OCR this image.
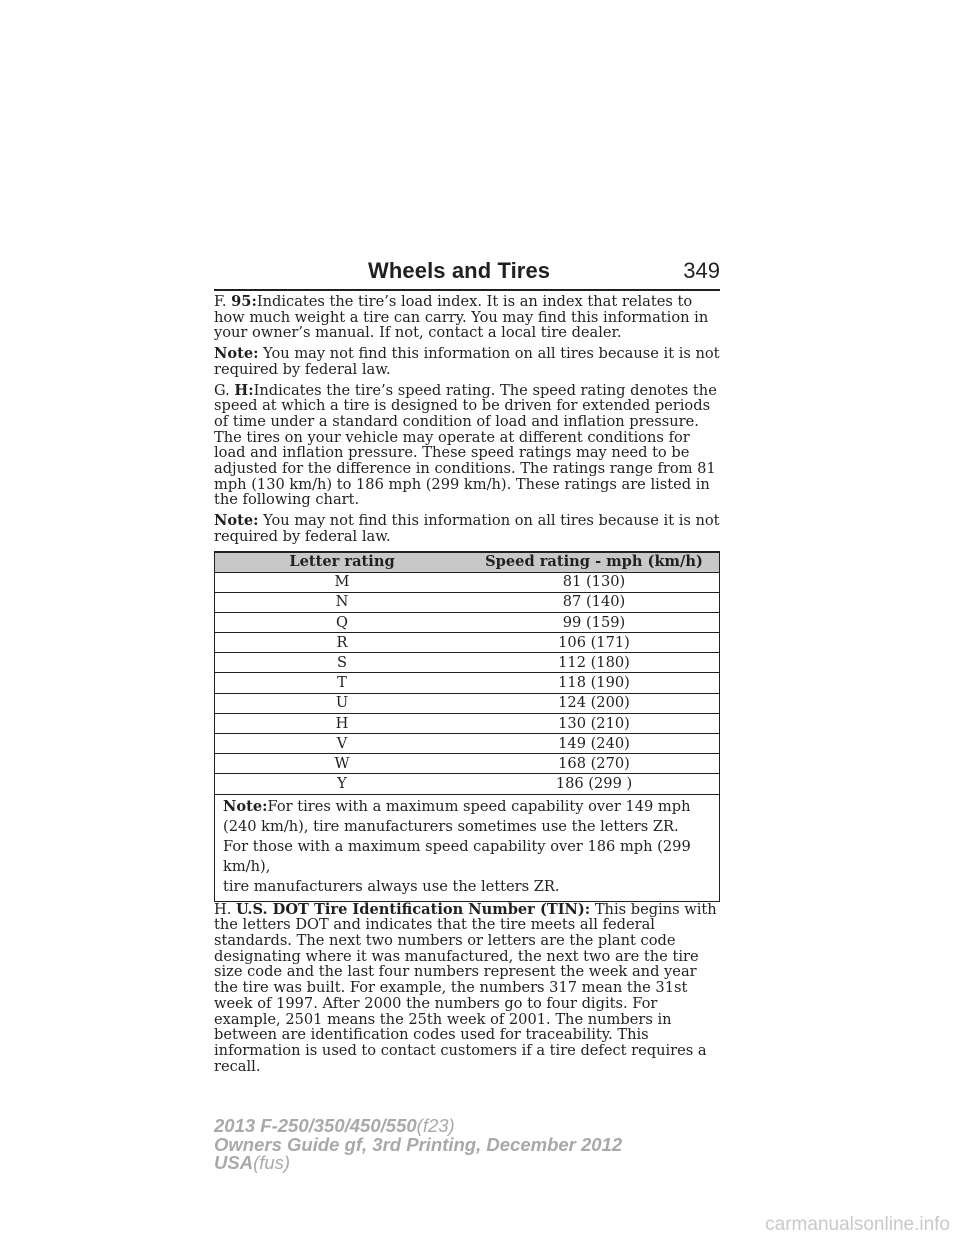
Wheels and Tires	349

F. 95:Indicates the tire’s load index. It is an index that relates to how much weight a tire can carry. You may find this information in your owner’s manual. If not, contact a local tire dealer.

Note: You may not find this information on all tires because it is not required by federal law.

G. H:Indicates the tire’s speed rating. The speed rating denotes the speed at which a tire is designed to be driven for extended periods of time under a standard condition of load and inflation pressure. The tires on your vehicle may operate at different conditions for load and inflation pressure. These speed ratings may need to be adjusted for the difference in conditions. The ratings range from 81 mph (130 km/h) to 186 mph (299 km/h). These ratings are listed in the following chart.

Note: You may not find this information on all tires because it is not required by federal law.

Letter rating	Speed rating - mph (km/h)
M	81 (130)
N	87 (140)
Q	99 (159)
R	106 (171)
S	112 (180)
T	118 (190)
U	124 (200)
H	130 (210)
V	149 (240)
W	168 (270)
Y	186 (299 )

Note:For tires with a maximum speed capability over 149 mph
(240 km/h), tire manufacturers sometimes use the letters ZR.
For those with a maximum speed capability over 186 mph (299 km/h),
tire manufacturers always use the letters ZR.	

H. U.S. DOT Tire Identification Number (TIN): This begins with the letters DOT and indicates that the tire meets all federal standards. The next two numbers or letters are the plant code designating where it was manufactured, the next two are the tire size code and the last four numbers represent the week and year the tire was built. For example, the numbers 317 mean the 31st week of 1997. After 2000 the numbers go to four digits. For example, 2501 means the 25th week of 2001. The numbers in between are identification codes used for traceability. This information is used to contact customers if a tire defect requires a recall.

2013 F-250/350/450/550(f23)
Owners Guide gf, 3rd Printing, December 2012
USA(fus)
carmanualsonline.info
